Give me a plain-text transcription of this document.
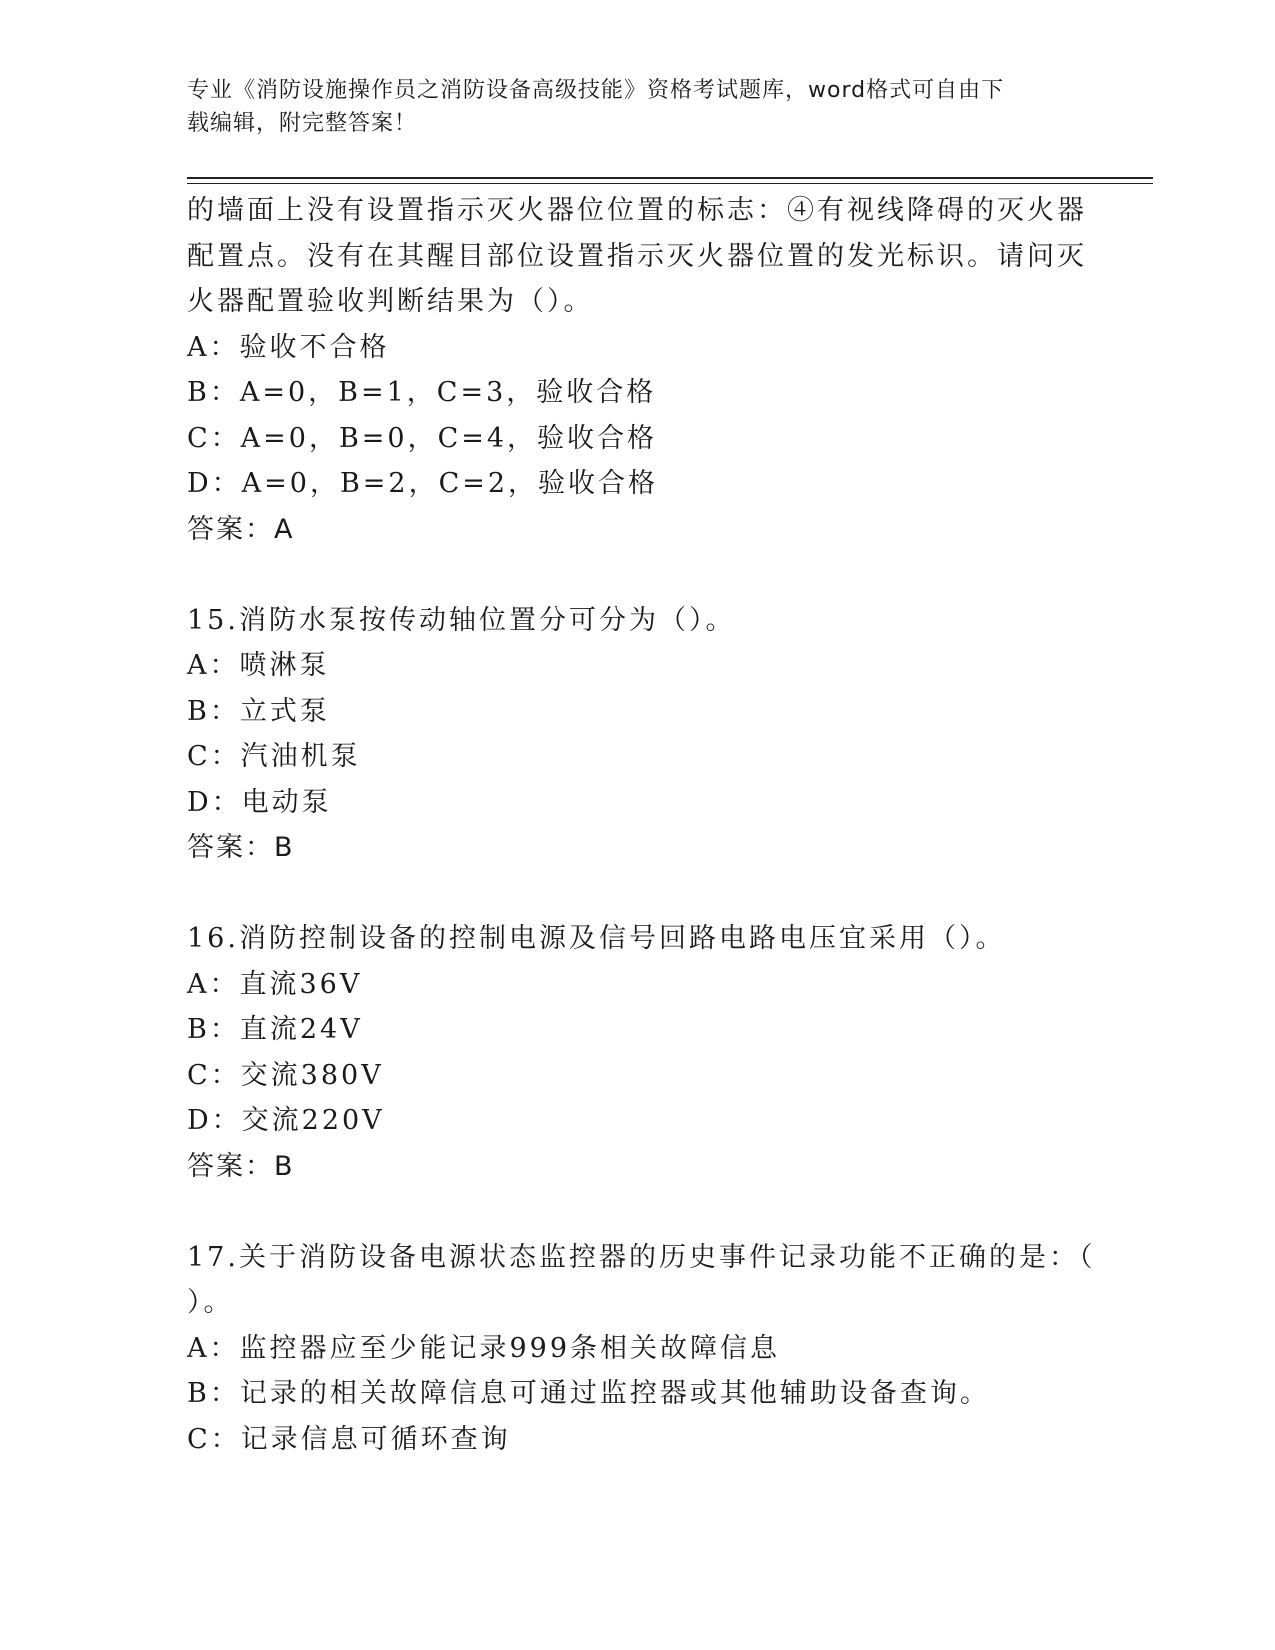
专业《消防设施操作员之消防设备高级技能》资格考试题库，word格式可自由下
载编辑，附完整答案！
的墙面上没有设置指示灭火器位位置的标志：④有视线降碍的灭火器
配置点。没有在其醒目部位设置指示灭火器位置的发光标识。请问灭
火器配置验收判断结果为（）。
A：验收不合格
B：A=0，B=1，C=3，验收合格
C：A=0，B=0，C=4，验收合格
D：A=0，B=2，C=2，验收合格
答案：A
15.消防水泵按传动轴位置分可分为（）。
A：喷淋泵
B：立式泵
C：汽油机泵
D：电动泵
答案：B
16.消防控制设备的控制电源及信号回路电路电压宜采用（）。
A：直流36V
B：直流24V
C：交流380V
D：交流220V
答案：B
17.关于消防设备电源状态监控器的历史事件记录功能不正确的是：（
）。
A：监控器应至少能记录999条相关故障信息
B：记录的相关故障信息可通过监控器或其他辅助设备查询。
C：记录信息可循环查询
